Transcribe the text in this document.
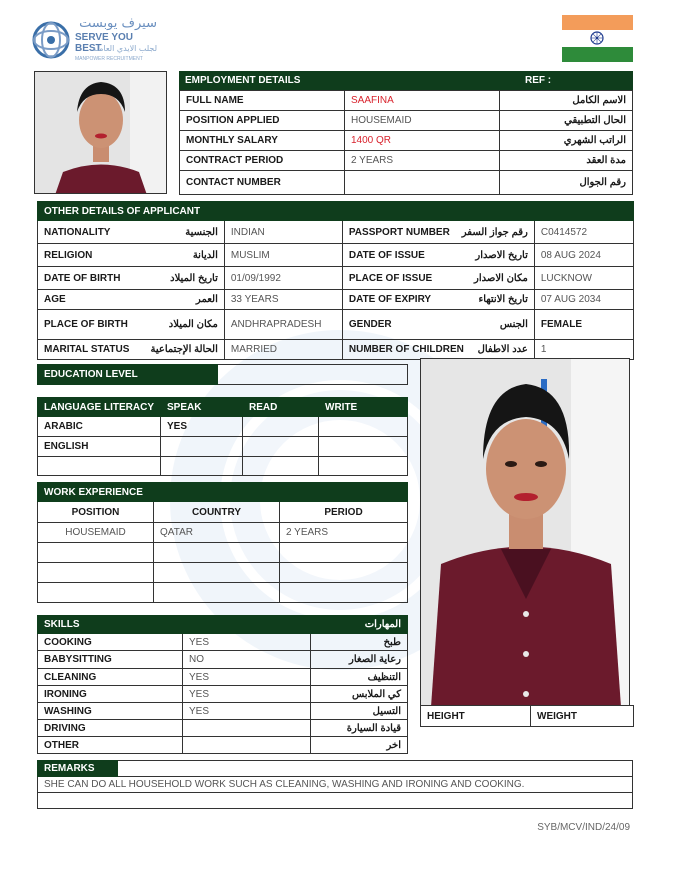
سيرف يوبست
SERVE YOU BEST
لجلب الايدي العاملة
MANPOWER RECRUITMENT
EMPLOYMENT DETAILS	REF :
FULL NAME	SAAFINA	الاسم الكامل
POSITION APPLIED	HOUSEMAID	الحال التطبيقي
MONTHLY SALARY	1400 QR	الراتب الشهري
CONTRACT PERIOD	2 YEARS	مدة العقد
CONTACT NUMBER		رقم الجوال
OTHER DETAILS OF APPLICANT				
NATIONALITY	الجنسية	INDIAN	PASSPORT NUMBER رقم جواز السفر	C0414572
RELIGION	الديانة	MUSLIM	DATE OF ISSUE تاريخ الاصدار	08 AUG 2024
DATE OF BIRTH	تاريخ الميلاد	01/09/1992	PLACE OF ISSUE مكان الاصدار	LUCKNOW
AGE	العمر	33 YEARS	DATE OF EXPIRY تاريخ الانتهاء	07 AUG 2034
PLACE OF BIRTH	مكان الميلاد	ANDHRAPRADESH	GENDER الجنس	FEMALE
MARITAL STATUS	الحالة الإجتماعية	MARRIED	NUMBER OF CHILDREN عدد الاطفال	1
EDUCATION LEVEL	
LANGUAGE LITERACY	SPEAK	READ	WRITE
ARABIC	YES		
ENGLISH			

WORK EXPERIENCE		
POSITION	COUNTRY	PERIOD
HOUSEMAID	QATAR	2 YEARS

SKILLS		المهارات
COOKING	YES	طبخ
BABYSITTING	NO	رعاية الصغار
CLEANING	YES	التنظيف
IRONING	YES	كي الملابس
WASHING	YES	التسيل
DRIVING		قيادة السيارة
OTHER		اخر
HEIGHT	WEIGHT
REMARKS	
SHE CAN DO ALL HOUSEHOLD WORK SUCH AS CLEANING, WASHING AND IRONING AND COOKING.

SYB/MCV/IND/24/09
